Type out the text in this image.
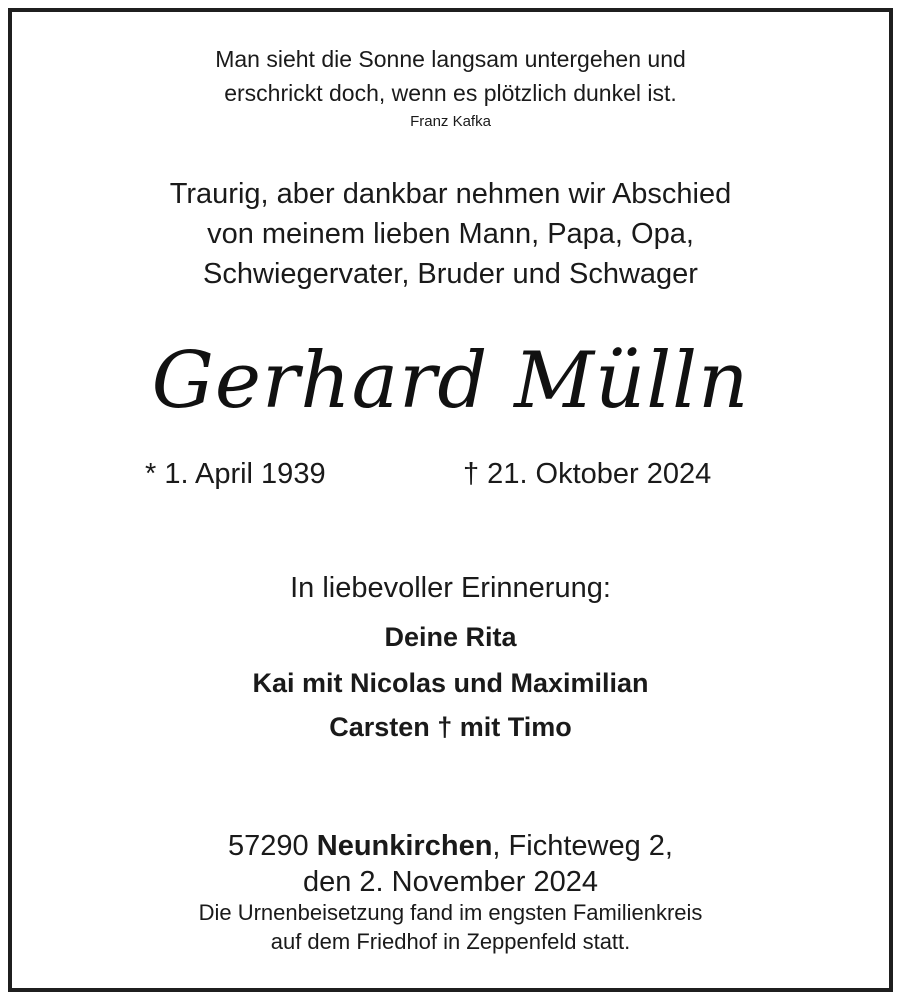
Man sieht die Sonne langsam untergehen und
erschrickt doch, wenn es plötzlich dunkel ist.
Franz Kafka
Traurig, aber dankbar nehmen wir Abschied
von meinem lieben Mann, Papa, Opa,
Schwiegervater, Bruder und Schwager
Gerhard Mülln
* 1. April 1939	† 21. Oktober 2024
In liebevoller Erinnerung:
Deine Rita
Kai mit Nicolas und Maximilian
Carsten † mit Timo
57290 Neunkirchen, Fichteweg 2,
den 2. November 2024
Die Urnenbeisetzung fand im engsten Familienkreis
auf dem Friedhof in Zeppenfeld statt.
